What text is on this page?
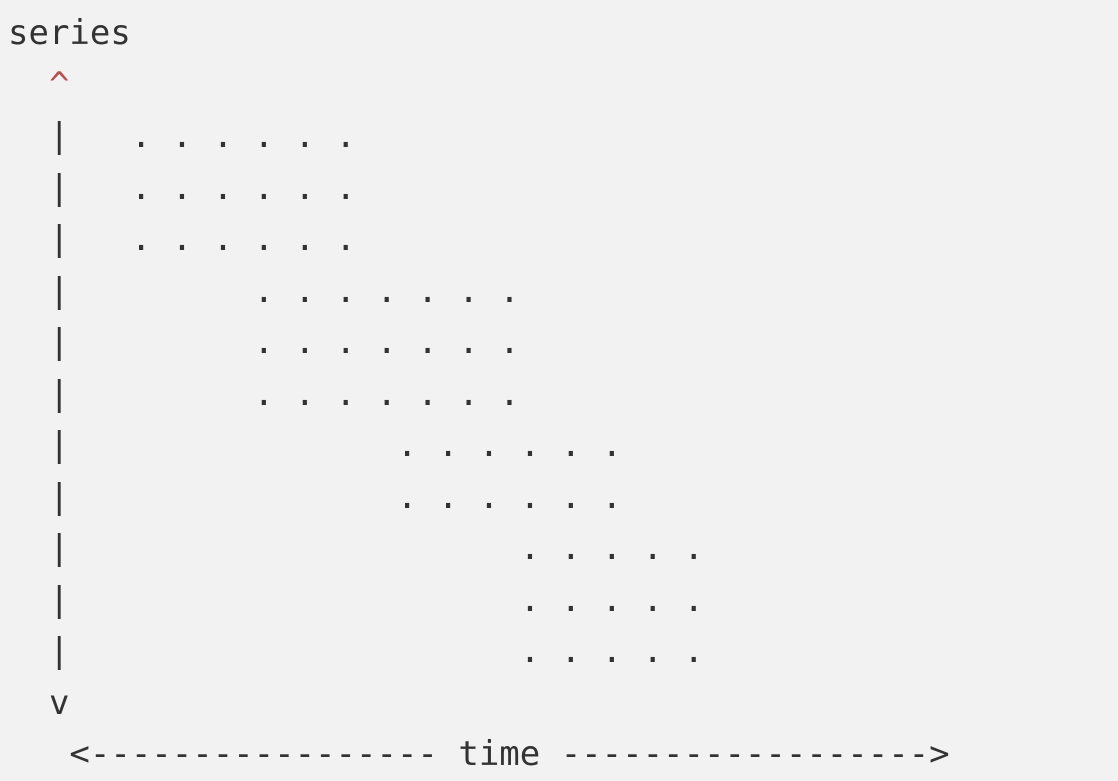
series
^
|   . . . . . .
|   . . . . . .
|   . . . . . .
|         . . . . . . .
|         . . . . . . .
|         . . . . . . .
|                . . . . . .
|                . . . . . .
|                      . . . . .
|                      . . . . .
|                      . . . . .
v
<----------------- time ------------------>
